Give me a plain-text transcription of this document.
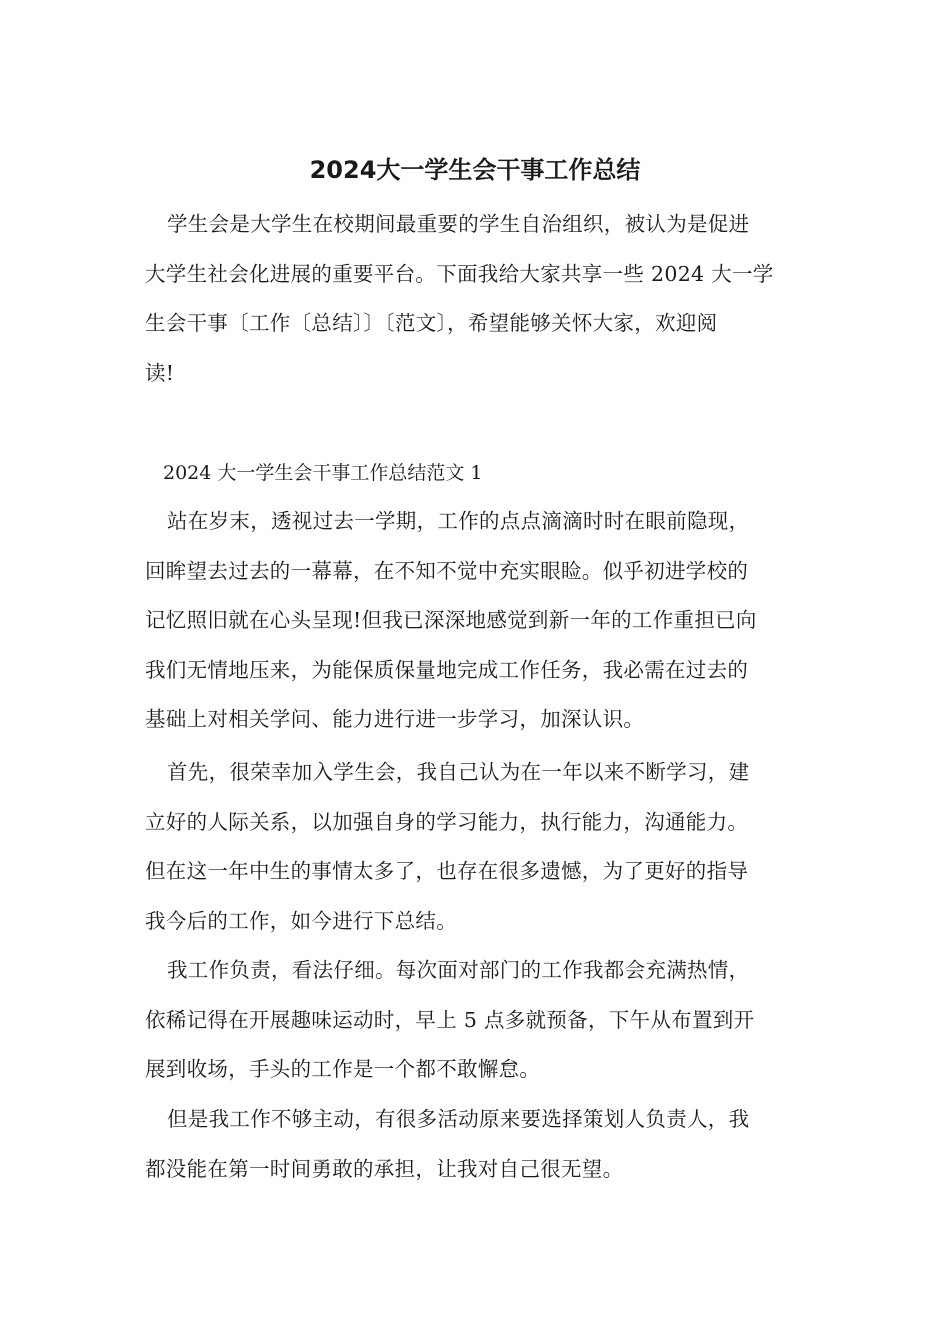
2024大一学生会干事工作总结
学生会是大学生在校期间最重要的学生自治组织，被认为是促进
大学生社会化进展的重要平台。下面我给大家共享一些 2024 大一学
生会干事〔工作〔总结〕〕〔范文〕，希望能够关怀大家，欢迎阅
读!

2024 大一学生会干事工作总结范文 1

站在岁末，透视过去一学期，工作的点点滴滴时时在眼前隐现，
回眸望去过去的一幕幕，在不知不觉中充实眼睑。似乎初进学校的
记忆照旧就在心头呈现!但我已深深地感觉到新一年的工作重担已向
我们无情地压来，为能保质保量地完成工作任务，我必需在过去的
基础上对相关学问、能力进行进一步学习，加深认识。
首先，很荣幸加入学生会，我自己认为在一年以来不断学习，建
立好的人际关系，以加强自身的学习能力，执行能力，沟通能力。
但在这一年中生的事情太多了，也存在很多遗憾，为了更好的指导
我今后的工作，如今进行下总结。
我工作负责，看法仔细。每次面对部门的工作我都会充满热情，
依稀记得在开展趣味运动时，早上 5 点多就预备，下午从布置到开
展到收场，手头的工作是一个都不敢懈怠。
但是我工作不够主动，有很多活动原来要选择策划人负责人，我
都没能在第一时间勇敢的承担，让我对自己很无望。
